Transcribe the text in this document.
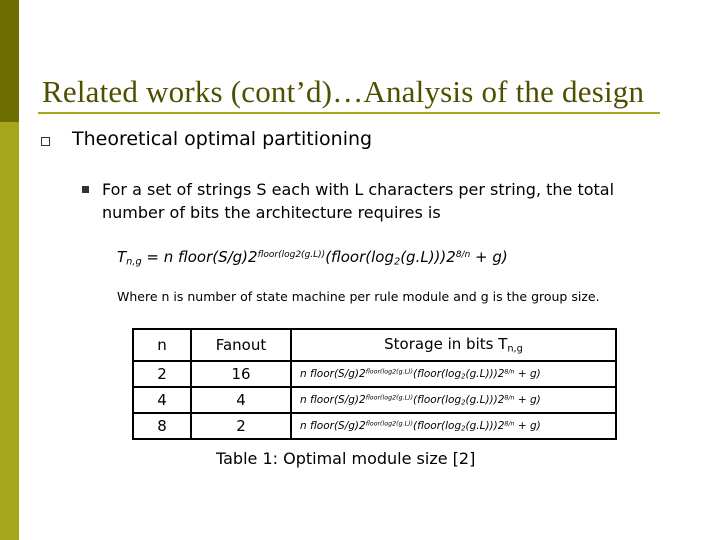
Related works (cont’d)…Analysis of the design
Theoretical optimal partitioning
For a set of strings S each with L characters per string, the total number of bits the architecture requires is
Tn,g = n $floor(S/g)2^{floor(log2(g.L))}(floor(\log 2(g.L)))2^{8/n} + g$)
Where n is number of state machine per rule module and g is the group size.
n	Fanout	Storage in bits Tn,g
2	16	n $floor(S/g)2^{floor(log2(g.L))}(floor(\log 2(g.L)))2^{8/n} + g$)
4	4	n $floor(S/g)2^{floor(log2(g.L))}(floor(\log 2(g.L)))2^{8/n} + g$)
8	2	n $floor(S/g)2^{floor(log2(g.L))}(floor(\log 2(g.L)))2^{8/n} + g$)
Table 1: Optimal module size [2]
